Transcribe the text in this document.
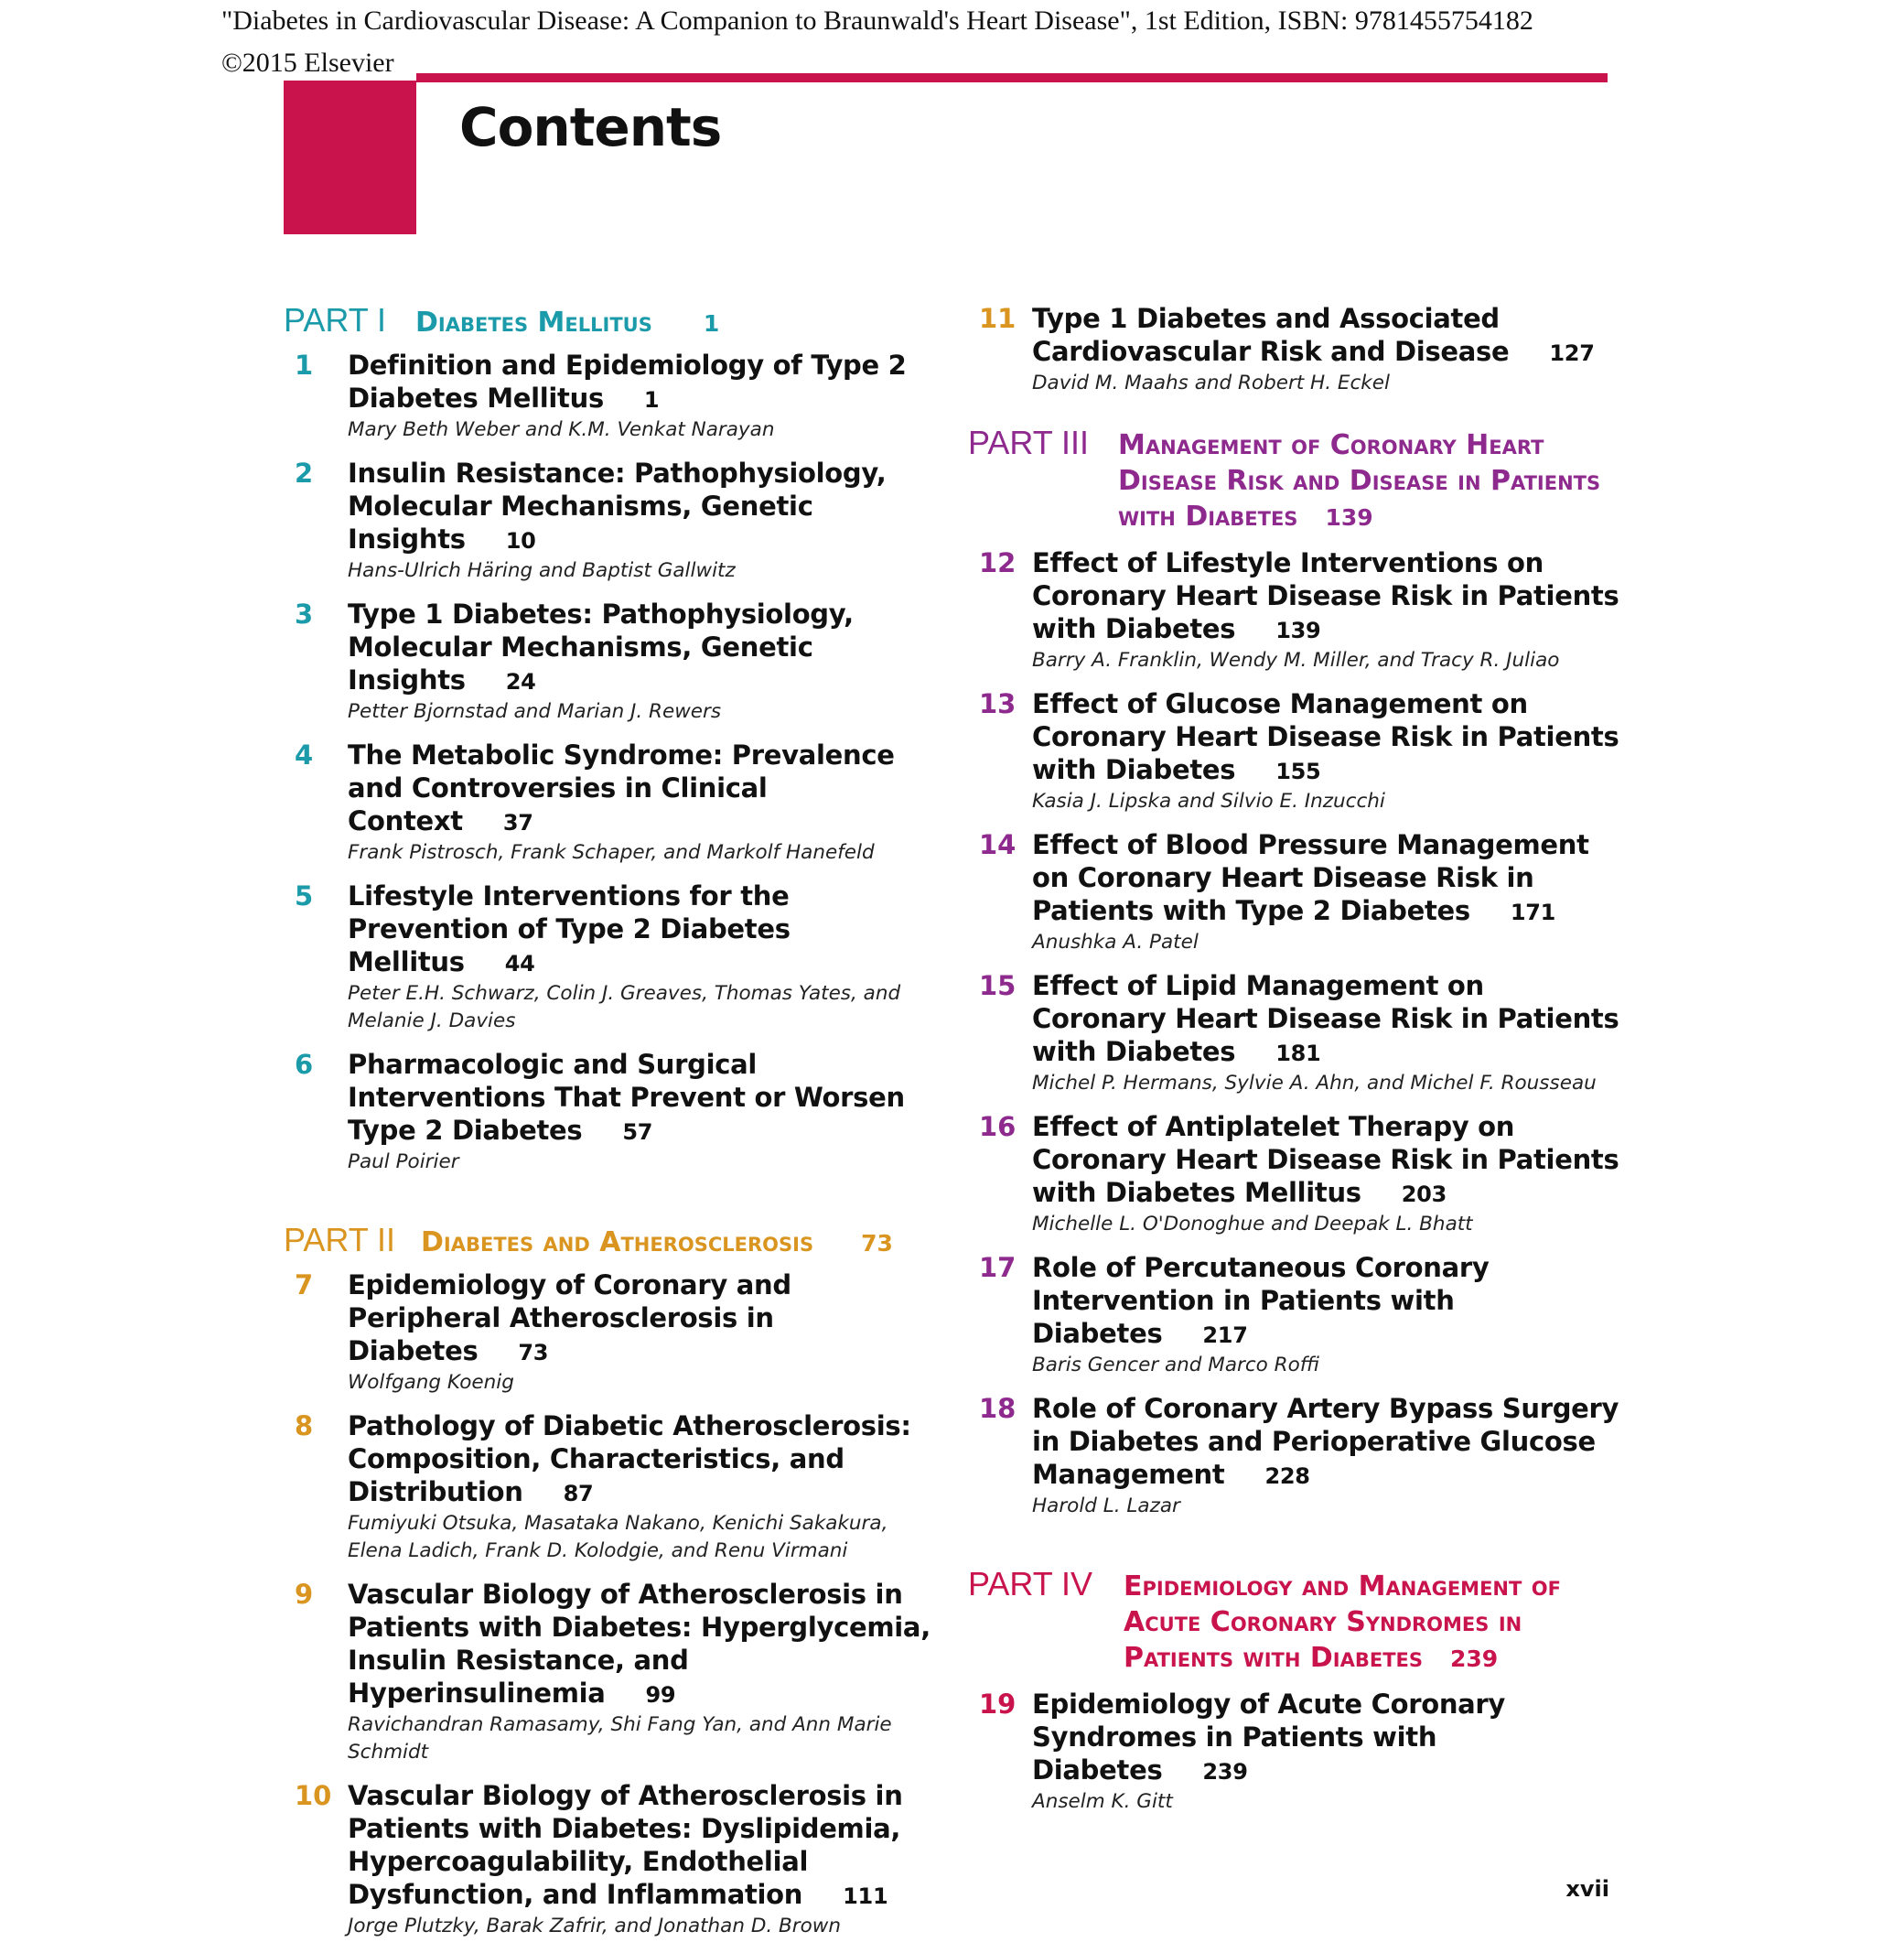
"Diabetes in Cardiovascular Disease: A Companion to Braunwald's Heart Disease", 1st Edition, ISBN: 9781455754182
©2015 Elsevier
Contents
PART I	Diabetes Mellitus 1
1	Definition and Epidemiology of Type 2 Diabetes Mellitus 1
Mary Beth Weber and K.M. Venkat Narayan
2	Insulin Resistance: Pathophysiology, Molecular Mechanisms, Genetic Insights 10
Hans-Ulrich Häring and Baptist Gallwitz
3	Type 1 Diabetes: Pathophysiology, Molecular Mechanisms, Genetic Insights 24
Petter Bjornstad and Marian J. Rewers
4	The Metabolic Syndrome: Prevalence and Controversies in Clinical Context 37
Frank Pistrosch, Frank Schaper, and Markolf Hanefeld
5	Lifestyle Interventions for the Prevention of Type 2 Diabetes Mellitus 44
Peter E.H. Schwarz, Colin J. Greaves, Thomas Yates, and Melanie J. Davies
6	Pharmacologic and Surgical Interventions That Prevent or Worsen Type 2 Diabetes 57
Paul Poirier
PART II Diabetes and Atherosclerosis 73
7	Epidemiology of Coronary and Peripheral Atherosclerosis in Diabetes 73
Wolfgang Koenig
8	Pathology of Diabetic Atherosclerosis: Composition, Characteristics, and Distribution 87
Fumiyuki Otsuka, Masataka Nakano, Kenichi Sakakura, Elena Ladich, Frank D. Kolodgie, and Renu Virmani
9	Vascular Biology of Atherosclerosis in Patients with Diabetes: Hyperglycemia, Insulin Resistance, and Hyperinsulinemia 99
Ravichandran Ramasamy, Shi Fang Yan, and Ann Marie Schmidt
10 Vascular Biology of Atherosclerosis in Patients with Diabetes: Dyslipidemia, Hypercoagulability, Endothelial Dysfunction, and Inflammation 111
Jorge Plutzky, Barak Zafrir, and Jonathan D. Brown
11 Type 1 Diabetes and Associated Cardiovascular Risk and Disease 127
David M. Maahs and Robert H. Eckel
PART III	Management of Coronary Heart Disease Risk and Disease in Patients with Diabetes 139
12 Effect of Lifestyle Interventions on Coronary Heart Disease Risk in Patients with Diabetes 139
Barry A. Franklin, Wendy M. Miller, and Tracy R. Juliao
13 Effect of Glucose Management on Coronary Heart Disease Risk in Patients with Diabetes 155
Kasia J. Lipska and Silvio E. Inzucchi
14 Effect of Blood Pressure Management on Coronary Heart Disease Risk in Patients with Type 2 Diabetes 171
Anushka A. Patel
15 Effect of Lipid Management on Coronary Heart Disease Risk in Patients with Diabetes 181
Michel P. Hermans, Sylvie A. Ahn, and Michel F. Rousseau
16 Effect of Antiplatelet Therapy on Coronary Heart Disease Risk in Patients with Diabetes Mellitus 203
Michelle L. O'Donoghue and Deepak L. Bhatt
17 Role of Percutaneous Coronary Intervention in Patients with Diabetes 217
Baris Gencer and Marco Roffi
18 Role of Coronary Artery Bypass Surgery in Diabetes and Perioperative Glucose Management 228
Harold L. Lazar
PART IV	Epidemiology and Management of Acute Coronary Syndromes in Patients with Diabetes 239
19 Epidemiology of Acute Coronary Syndromes in Patients with Diabetes 239
Anselm K. Gitt
xvii
